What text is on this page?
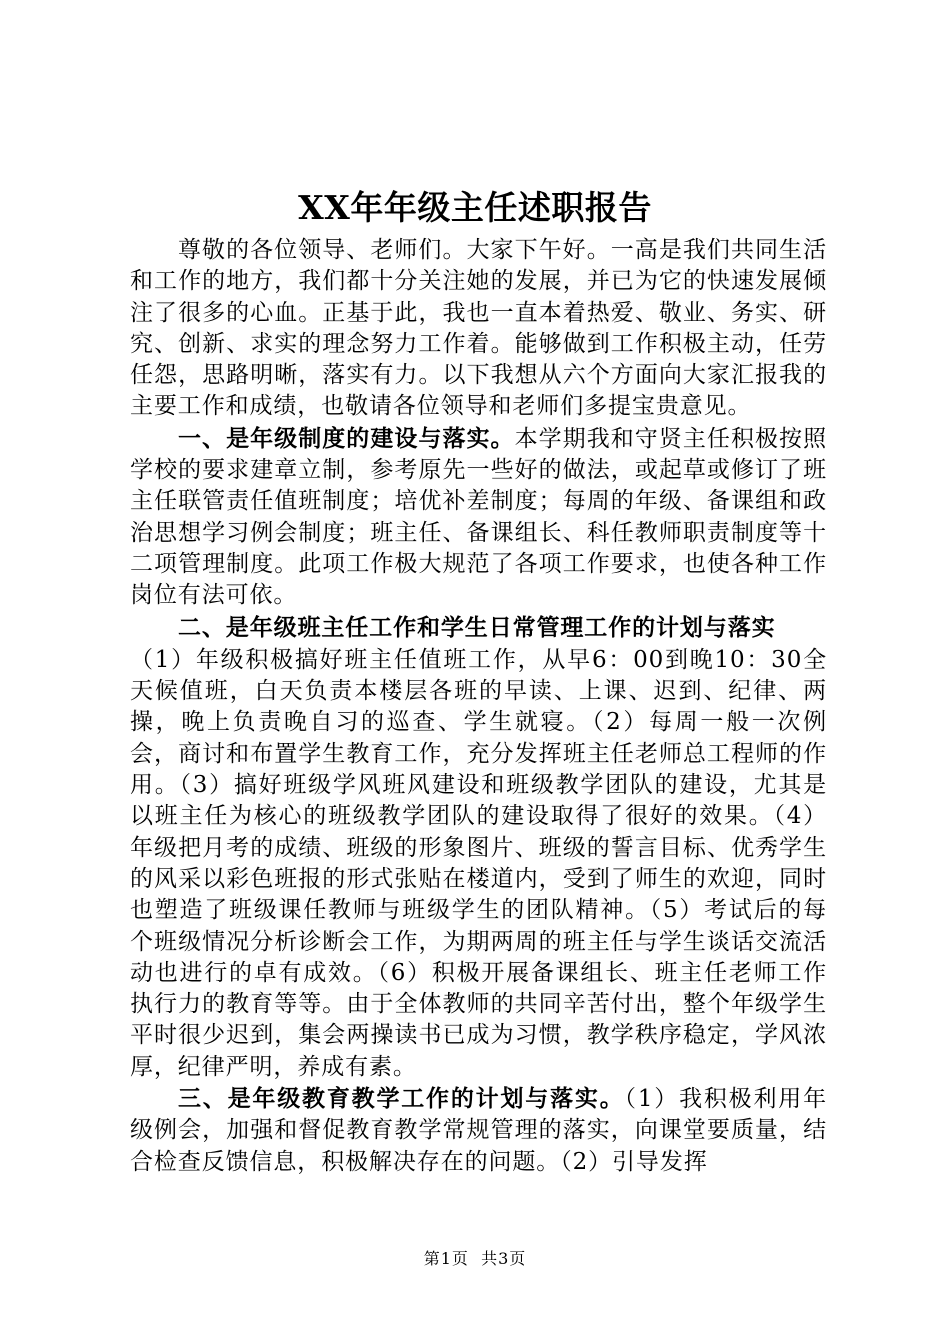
XX年年级主任述职报告

尊敬的各位领导、老师们。大家下午好。一高是我们共同生活和工作的地方，我们都十分关注她的发展，并已为它的快速发展倾注了很多的心血。正基于此，我也一直本着热爱、敬业、务实、研究、创新、求实的理念努力工作着。能够做到工作积极主动，任劳任怨，思路明晰，落实有力。以下我想从六个方面向大家汇报我的主要工作和成绩，也敬请各位领导和老师们多提宝贵意见。

一、是年级制度的建设与落实。本学期我和守贤主任积极按照学校的要求建章立制，参考原先一些好的做法，或起草或修订了班主任联管责任值班制度；培优补差制度；每周的年级、备课组和政治思想学习例会制度；班主任、备课组长、科任教师职责制度等十二项管理制度。此项工作极大规范了各项工作要求，也使各种工作岗位有法可依。

二、是年级班主任工作和学生日常管理工作的计划与落实

（1）年级积极搞好班主任值班工作，从早6：00到晚10：30全天候值班，白天负责本楼层各班的早读、上课、迟到、纪律、两操，晚上负责晚自习的巡查、学生就寝。（2）每周一般一次例会，商讨和布置学生教育工作，充分发挥班主任老师总工程师的作用。（3）搞好班级学风班风建设和班级教学团队的建设，尤其是以班主任为核心的班级教学团队的建设取得了很好的效果。（4）年级把月考的成绩、班级的形象图片、班级的誓言目标、优秀学生的风采以彩色班报的形式张贴在楼道内，受到了师生的欢迎，同时也塑造了班级课任教师与班级学生的团队精神。（5）考试后的每个班级情况分析诊断会工作，为期两周的班主任与学生谈话交流活动也进行的卓有成效。（6）积极开展备课组长、班主任老师工作执行力的教育等等。由于全体教师的共同辛苦付出，整个年级学生平时很少迟到，集会两操读书已成为习惯，教学秩序稳定，学风浓厚，纪律严明，养成有素。

三、是年级教育教学工作的计划与落实。（1）我积极利用年级例会，加强和督促教育教学常规管理的落实，向课堂要质量，结合检查反馈信息，积极解决存在的问题。（2）引导发挥

第1页  共3页
